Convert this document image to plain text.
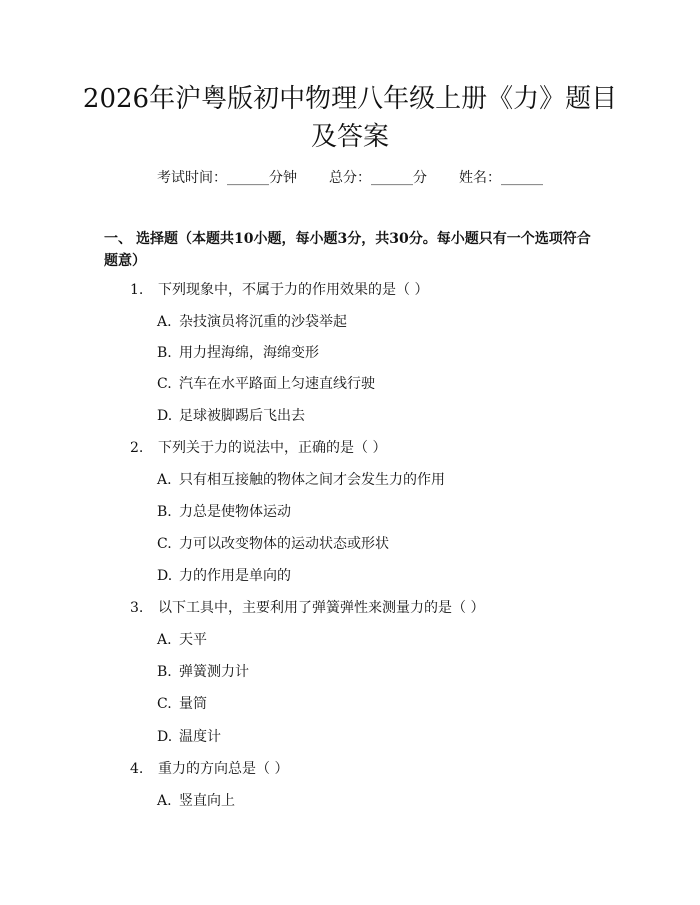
2026年沪粤版初中物理八年级上册《力》题目及答案
考试时间：______分钟 总分：______分 姓名：______
一、 选择题（本题共10小题，每小题3分，共30分。每小题只有一个选项符合题意）
1. 下列现象中，不属于力的作用效果的是（ ）
A. 杂技演员将沉重的沙袋举起
B. 用力捏海绵，海绵变形
C. 汽车在水平路面上匀速直线行驶
D. 足球被脚踢后飞出去
2. 下列关于力的说法中，正确的是（ ）
A. 只有相互接触的物体之间才会发生力的作用
B. 力总是使物体运动
C. 力可以改变物体的运动状态或形状
D. 力的作用是单向的
3. 以下工具中，主要利用了弹簧弹性来测量力的是（ ）
A. 天平
B. 弹簧测力计
C. 量筒
D. 温度计
4. 重力的方向总是（ ）
A. 竖直向上
